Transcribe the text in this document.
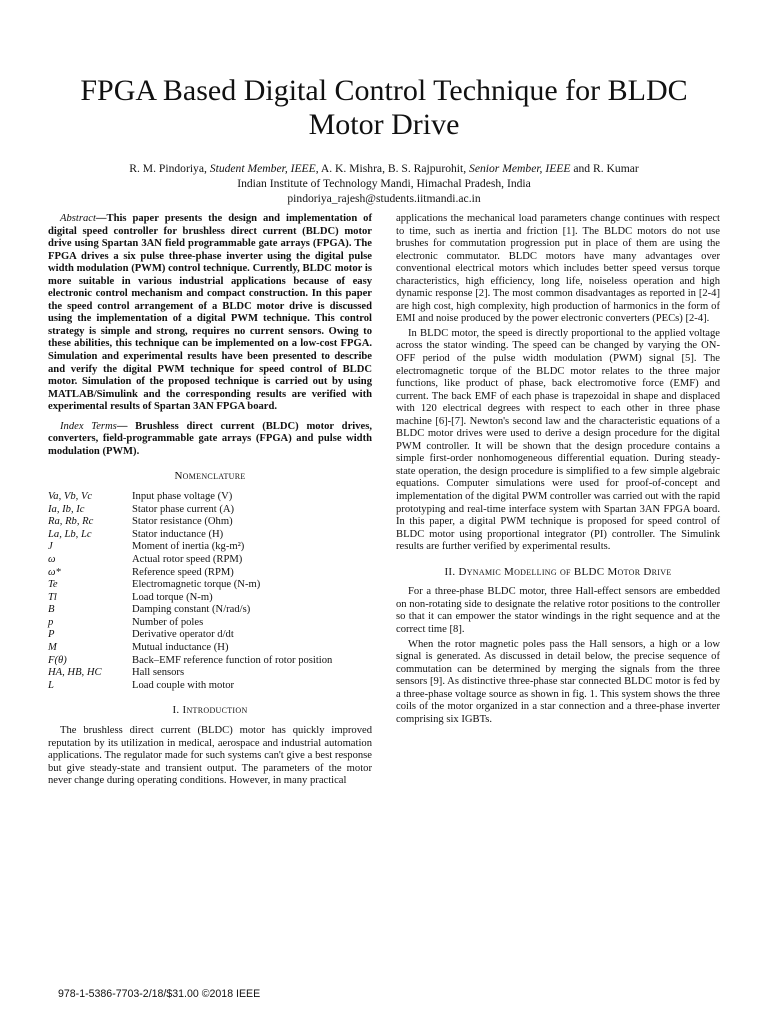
FPGA Based Digital Control Technique for BLDC Motor Drive
R. M. Pindoriya, Student Member, IEEE, A. K. Mishra, B. S. Rajpurohit, Senior Member, IEEE and R. Kumar
Indian Institute of Technology Mandi, Himachal Pradesh, India
pindoriya_rajesh@students.iitmandi.ac.in

Abstract—This paper presents the design and implementation of digital speed controller for brushless direct current (BLDC) motor drive using Spartan 3AN field programmable gate arrays (FPGA). The FPGA drives a six pulse three-phase inverter using the digital pulse width modulation (PWM) control technique. Currently, BLDC motor is more suitable in various industrial applications because of easy electronic control mechanism and compact construction. In this paper the speed control arrangement of a BLDC motor drive is discussed using the implementation of a digital PWM technique. This control strategy is simple and strong, requires no current sensors. Owing to these abilities, this technique can be implemented on a low-cost FPGA. Simulation and experimental results have been presented to describe and verify the digital PWM technique for speed control of BLDC motor. Simulation of the proposed technique is carried out by using MATLAB/Simulink and the corresponding results are verified with experimental results of Spartan 3AN FPGA board.

Index Terms— Brushless direct current (BLDC) motor drives, converters, field-programmable gate arrays (FPGA) and pulse width modulation (PWM).

Nomenclature
Va, Vb, Vc	Input phase voltage (V)
Ia, Ib, Ic	Stator phase current (A)
Ra, Rb, Rc	Stator resistance (Ohm)
La, Lb, Lc	Stator inductance (H)
J	Moment of inertia (kg-m²)
ω	Actual rotor speed (RPM)
ω*	Reference speed (RPM)
Te	Electromagnetic torque (N-m)
Tl	Load torque (N-m)
B	Damping constant (N/rad/s)
p	Number of poles
P	Derivative operator d/dt
M	Mutual inductance (H)
F(θ)	Back–EMF reference function of rotor position
HA, HB, HC	Hall sensors
L	Load couple with motor
I. Introduction

The brushless direct current (BLDC) motor has quickly improved reputation by its utilization in medical, aerospace and industrial automation applications. The regulator made for such systems can't give a best response but give steady-state and transient output. The parameters of the motor never change during operating conditions. However, in many practical

applications the mechanical load parameters change continues with respect to time, such as inertia and friction [1]. The BLDC motors do not use brushes for commutation progression put in place of them are using the electronic commutator. BLDC motors have many advantages over conventional electrical motors which includes better speed versus torque characteristics, high efficiency, long life, noiseless operation and high dynamic response [2]. The most common disadvantages as reported in [2-4] are high cost, high complexity, high production of harmonics in the form of EMI and noise produced by the power electronic converters (PECs) [2-4].

In BLDC motor, the speed is directly proportional to the applied voltage across the stator winding. The speed can be changed by varying the ON-OFF period of the pulse width modulation (PWM) signal [5]. The electromagnetic torque of the BLDC motor relates to the three major functions, like product of phase, back electromotive force (EMF) and current. The back EMF of each phase is trapezoidal in shape and displaced with 120 electrical degrees with respect to each other in three phase machine [6]-[7]. Newton's second law and the characteristic equations of a BLDC motor drives were used to derive a design procedure for the digital PWM controller. It will be shown that the design procedure contains a simple first-order nonhomogeneous differential equation. During steady-state operation, the design procedure is simplified to a few simple algebraic equations. Computer simulations were used for proof-of-concept and implementation of the digital PWM controller was carried out with the rapid prototyping and real-time interface system with Spartan 3AN FPGA board. In this paper, a digital PWM technique is proposed for speed control of BLDC motor using proportional integrator (PI) controller. The Simulink results are further verified by experimental results.

II. Dynamic Modelling of BLDC Motor Drive

For a three-phase BLDC motor, three Hall-effect sensors are embedded on non-rotating side to designate the relative rotor positions to the controller so that it can empower the stator windings in the right sequence and at the correct time [8].

When the rotor magnetic poles pass the Hall sensors, a high or a low signal is generated. As discussed in detail below, the precise sequence of commutation can be determined by merging the signals from the three sensors [9]. As distinctive three-phase star connected BLDC motor is fed by a three-phase voltage source as shown in fig. 1. This system shows the three coils of the motor organized in a star connection and a three-phase inverter comprising six IGBTs.

978-1-5386-7703-2/18/$31.00 ©2018 IEEE
